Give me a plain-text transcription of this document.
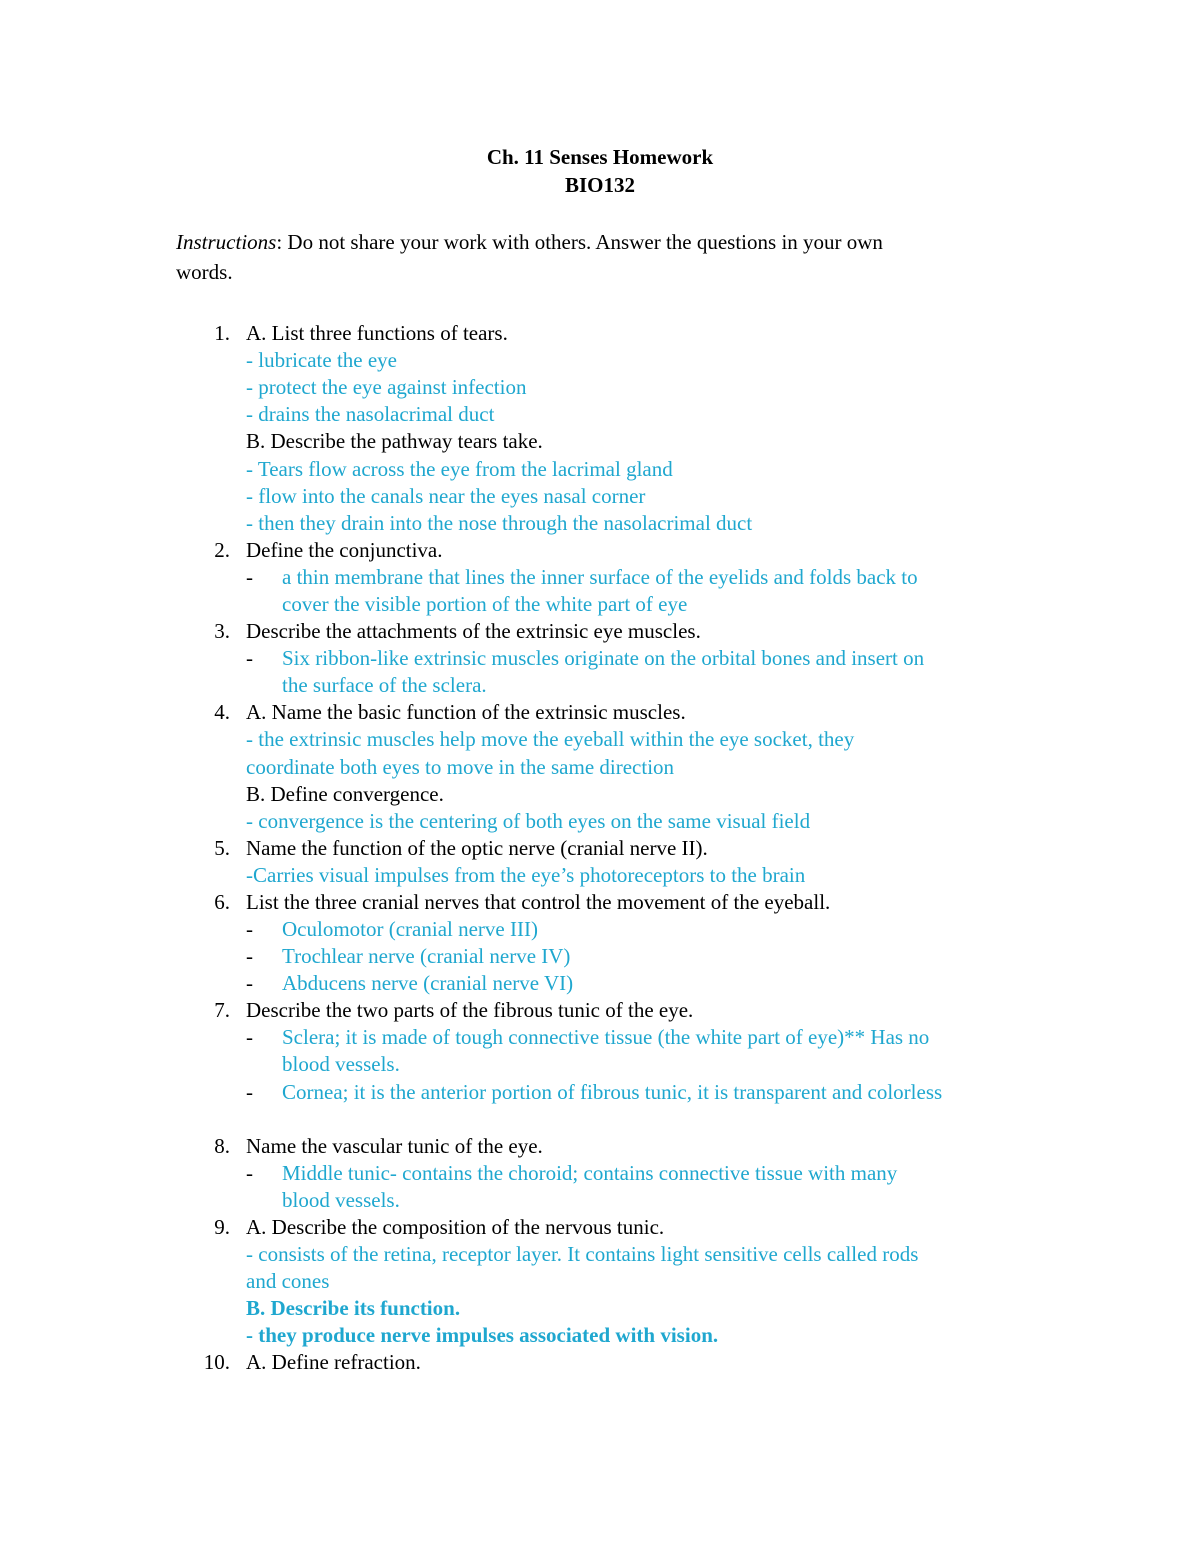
Ch. 11 Senses Homework
BIO132
Instructions: Do not share your work with others. Answer the questions in your own
words.
1. A. List three functions of tears.
- lubricate the eye
- protect the eye against infection
- drains the nasolacrimal duct
B. Describe the pathway tears take.
- Tears flow across the eye from the lacrimal gland
- flow into the canals near the eyes nasal corner
- then they drain into the nose through the nasolacrimal duct
2. Define the conjunctiva.
- a thin membrane that lines the inner surface of the eyelids and folds back to
cover the visible portion of the white part of eye
3. Describe the attachments of the extrinsic eye muscles.
- Six ribbon-like extrinsic muscles originate on the orbital bones and insert on
the surface of the sclera.
4. A. Name the basic function of the extrinsic muscles.
- the extrinsic muscles help move the eyeball within the eye socket, they
coordinate both eyes to move in the same direction
B. Define convergence.
- convergence is the centering of both eyes on the same visual field
5. Name the function of the optic nerve (cranial nerve II).
-Carries visual impulses from the eye’s photoreceptors to the brain
6. List the three cranial nerves that control the movement of the eyeball.
- Oculomotor (cranial nerve III)
- Trochlear nerve (cranial nerve IV)
- Abducens nerve (cranial nerve VI)
7. Describe the two parts of the fibrous tunic of the eye.
- Sclera; it is made of tough connective tissue (the white part of eye)** Has no
blood vessels.
- Cornea; it is the anterior portion of fibrous tunic, it is transparent and colorless
8. Name the vascular tunic of the eye.
- Middle tunic- contains the choroid; contains connective tissue with many
blood vessels.
9. A. Describe the composition of the nervous tunic.
- consists of the retina, receptor layer. It contains light sensitive cells called rods
and cones
B. Describe its function.
- they produce nerve impulses associated with vision.
10. A. Define refraction.
